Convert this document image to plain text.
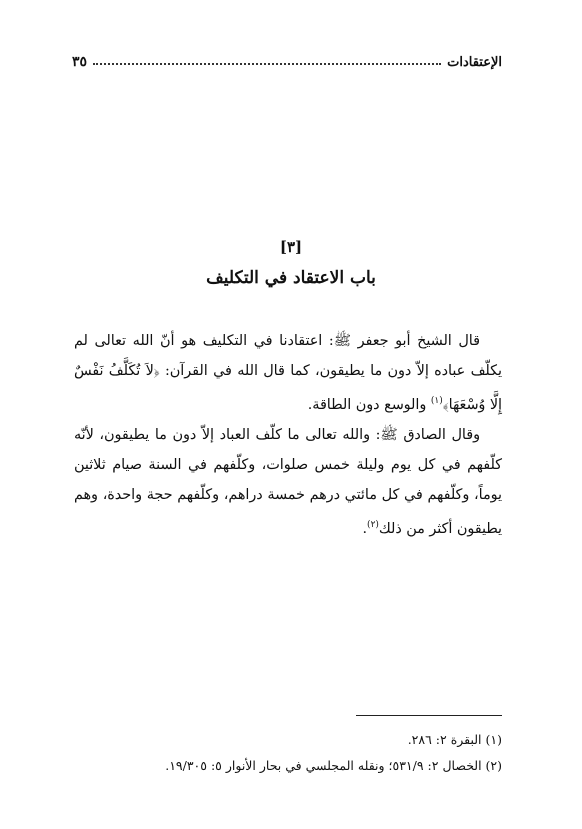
الإعتقادات
٣٥
[٣]
باب الاعتقاد في التكليف

قال الشيخ أبو جعفر ﷺ: اعتقادنا في التكليف هو أنّ الله تعالى لم يكلّف عباده إلاّ دون ما يطيقون، كما قال الله في القرآن: ﴿لاَ تُكَلَّفُ نَفْسٌ إِلَّا وُسْعَهَا﴾$^{(١)}$ والوسع دون الطاقة.

وقال الصادق ﷺ: والله تعالى ما كلّف العباد إلاّ دون ما يطيقون، لأنّه كلّفهم في كل يوم وليلة خمس صلوات، وكلّفهم في السنة صيام ثلاثين يوماً، وكلّفهم في كل مائتي درهم خمسة دراهم، وكلّفهم حجة واحدة، وهم يطيقون أكثر من ذلك$^{(٢)}$.

(١) البقرة ٢: ٢٨٦.
(٢) الخصال ٢: ٥٣١/٩؛ ونقله المجلسي في بحار الأنوار ٥: ١٩/٣٠٥.
